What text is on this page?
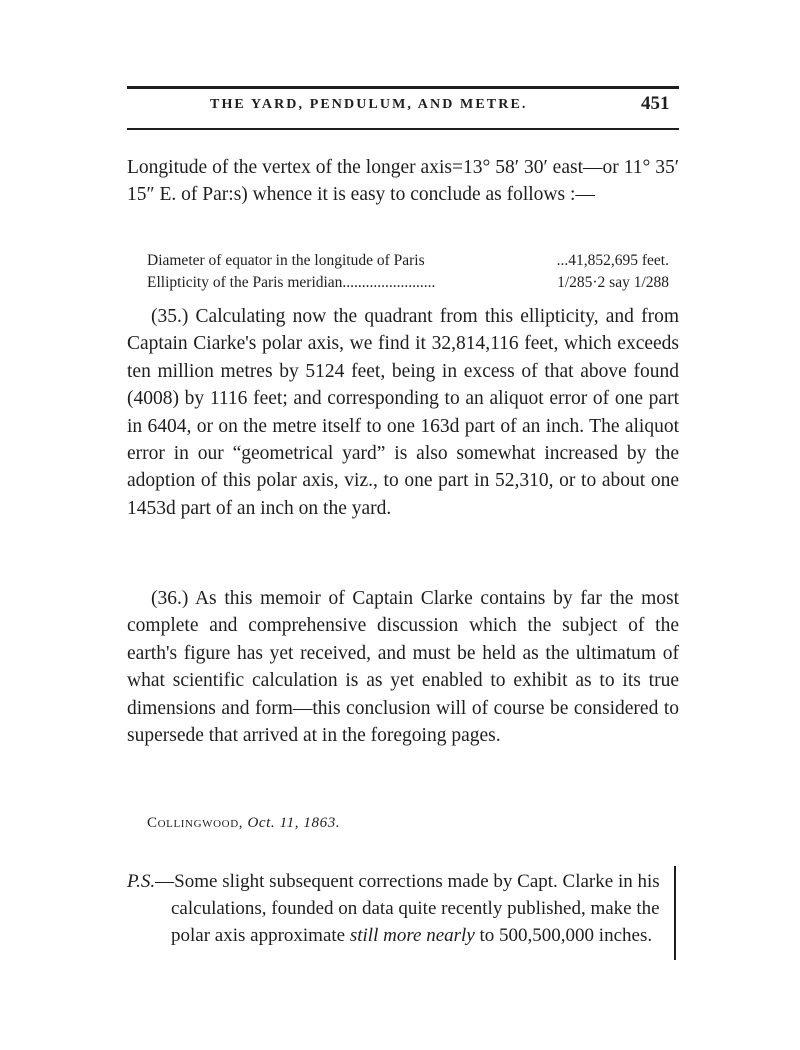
THE YARD, PENDULUM, AND METRE.	451

Longitude of the vertex of the longer axis=13° 58′ 30′ east—or 11° 35′ 15″ E. of Par:s) whence it is easy to conclude as follows :—

Diameter of equator in the longitude of Paris	...41,852,695 feet.
Ellipticity of the Paris meridian........................	1/285·2 say 1/288

(35.) Calculating now the quadrant from this ellipticity, and from Captain Ciarke's polar axis, we find it 32,814,116 feet, which exceeds ten million metres by 5124 feet, being in excess of that above found (4008) by 1116 feet; and corresponding to an aliquot error of one part in 6404, or on the metre itself to one 163d part of an inch. The aliquot error in our “geometrical yard” is also somewhat increased by the adoption of this polar axis, viz., to one part in 52,310, or to about one 1453d part of an inch on the yard.

(36.) As this memoir of Captain Clarke contains by far the most complete and comprehensive discussion which the subject of the earth's figure has yet received, and must be held as the ultimatum of what scientific calculation is as yet enabled to exhibit as to its true dimensions and form—this conclusion will of course be considered to supersede that arrived at in the foregoing pages.

Collingwood, Oct. 11, 1863.

P.S.—Some slight subsequent corrections made by Capt. Clarke in his calculations, founded on data quite recently published, make the polar axis approximate still more nearly to 500,500,000 inches.
